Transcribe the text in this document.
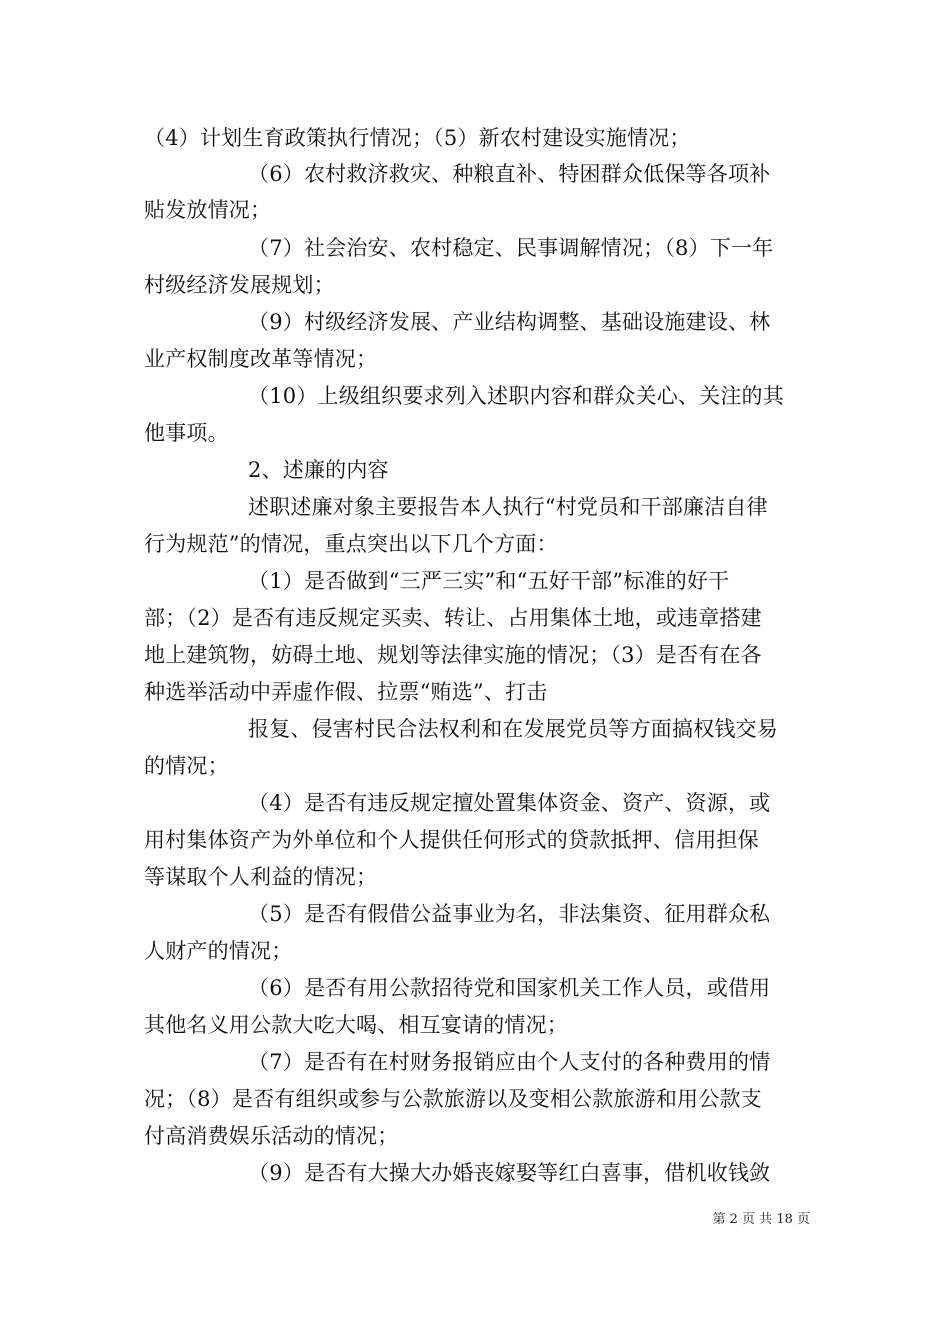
（4）计划生育政策执行情况；（5）新农村建设实施情况；
（6）农村救济救灾、种粮直补、特困群众低保等各项补
贴发放情况；
（7）社会治安、农村稳定、民事调解情况；（8）下一年
村级经济发展规划；
（9）村级经济发展、产业结构调整、基础设施建设、林
业产权制度改革等情况；
（10）上级组织要求列入述职内容和群众关心、关注的其
他事项。
2、述廉的内容
述职述廉对象主要报告本人执行“村党员和干部廉洁自律
行为规范”的情况，重点突出以下几个方面：
（1）是否做到“三严三实”和“五好干部”标准的好干
部；（2）是否有违反规定买卖、转让、占用集体土地，或违章搭建
地上建筑物，妨碍土地、规划等法律实施的情况；（3）是否有在各
种选举活动中弄虚作假、拉票“贿选”、打击
报复、侵害村民合法权利和在发展党员等方面搞权钱交易
的情况；
（4）是否有违反规定擅处置集体资金、资产、资源，或
用村集体资产为外单位和个人提供任何形式的贷款抵押、信用担保
等谋取个人利益的情况；
（5）是否有假借公益事业为名，非法集资、征用群众私
人财产的情况；
（6）是否有用公款招待党和国家机关工作人员，或借用
其他名义用公款大吃大喝、相互宴请的情况；
（7）是否有在村财务报销应由个人支付的各种费用的情
况；（8）是否有组织或参与公款旅游以及变相公款旅游和用公款支
付高消费娱乐活动的情况；
（9）是否有大操大办婚丧嫁娶等红白喜事，借机收钱敛
第 2 页 共 18 页
